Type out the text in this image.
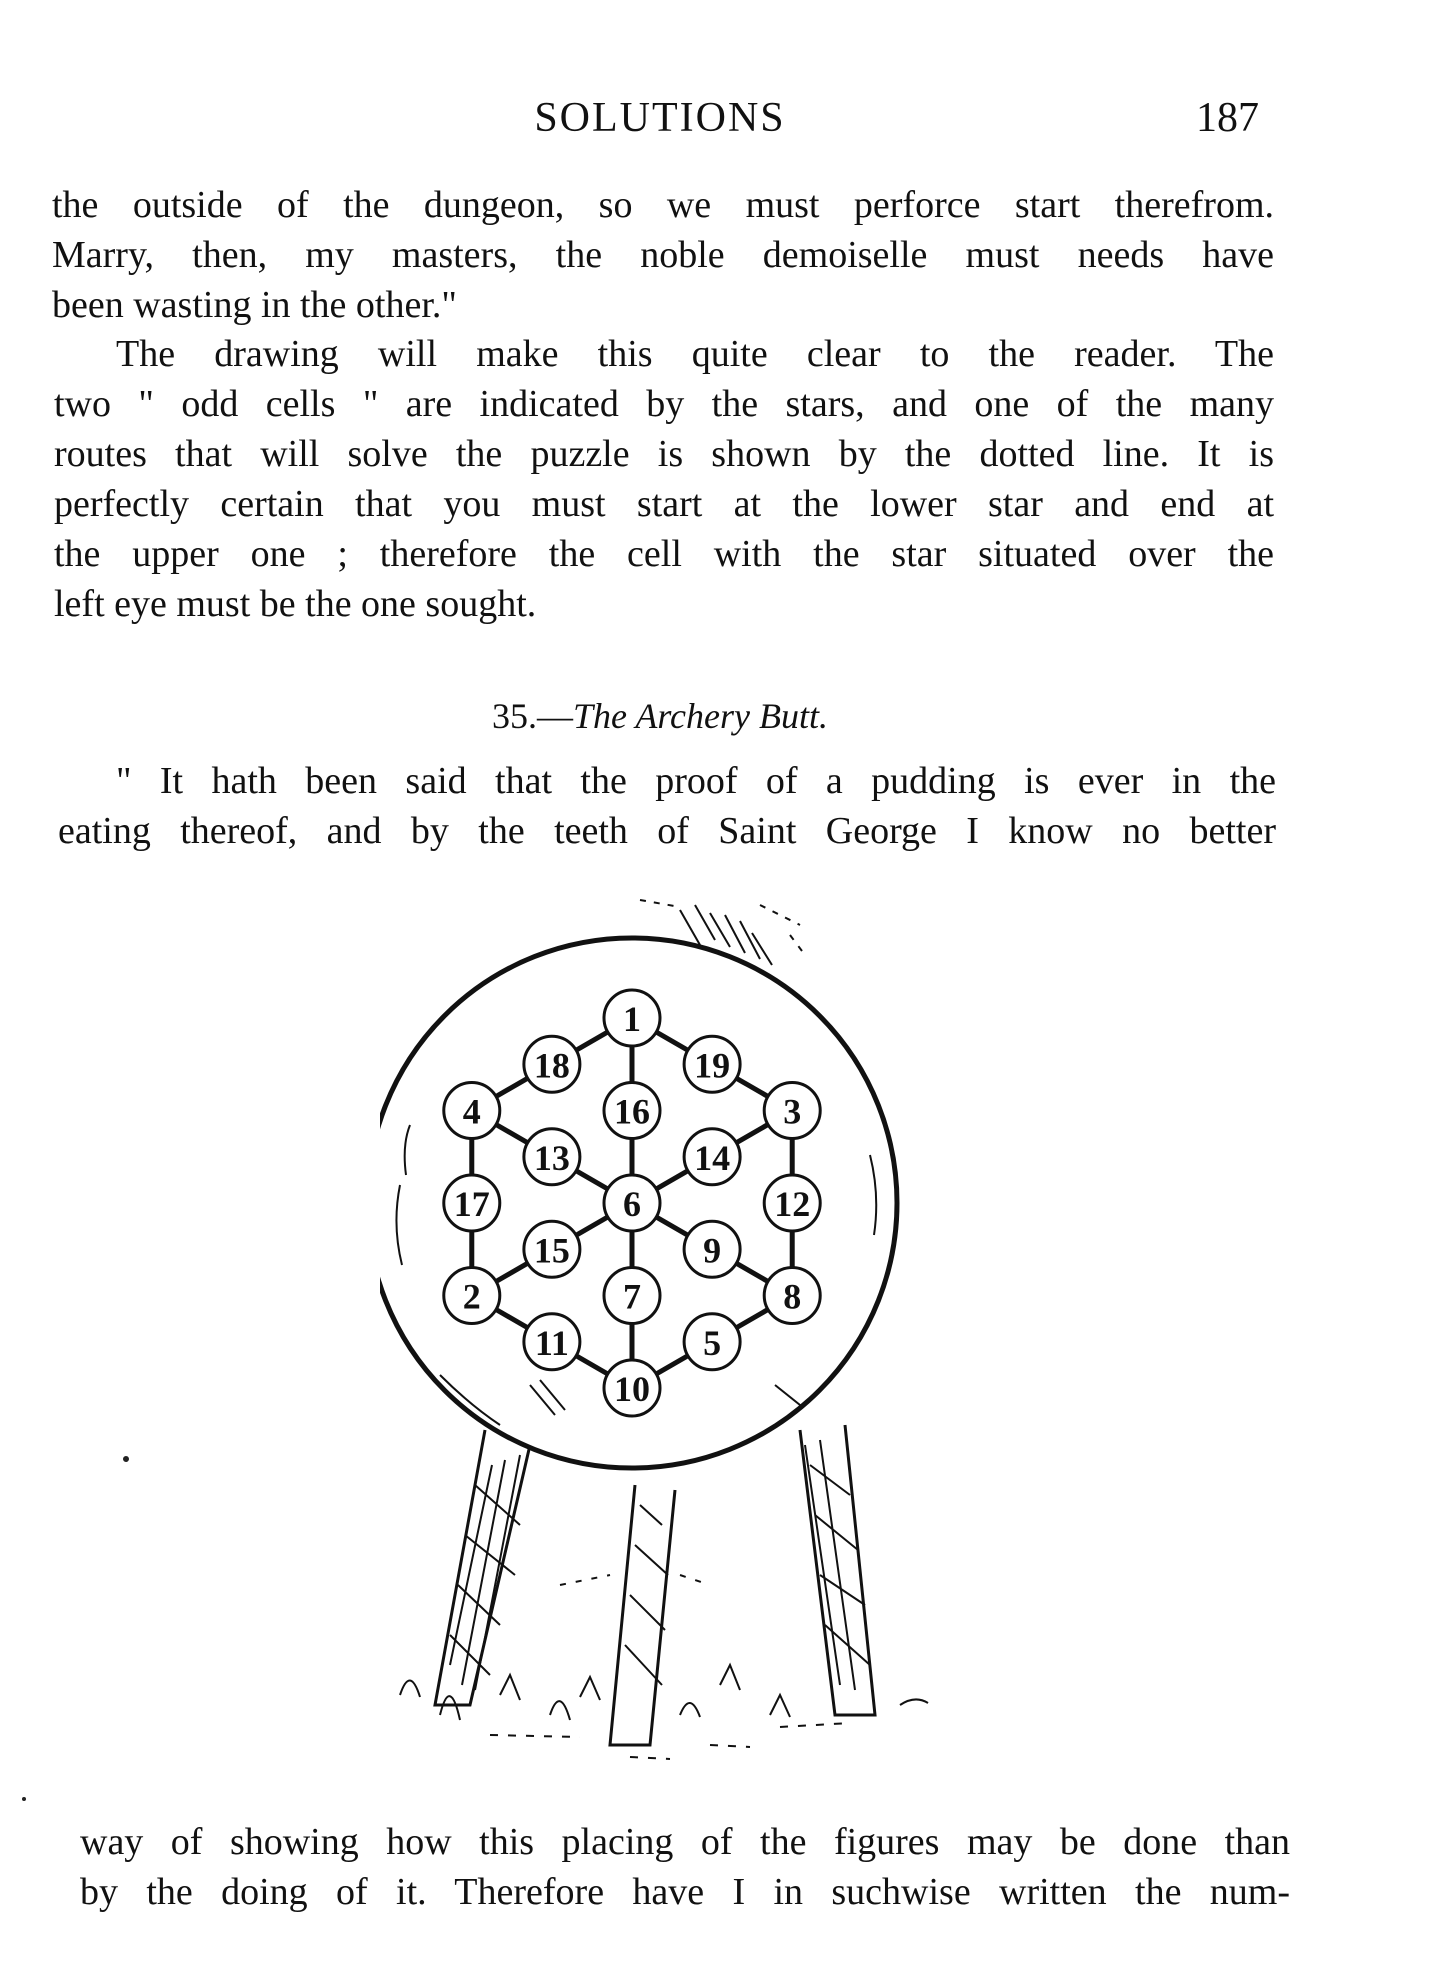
SOLUTIONS	187

the outside of the dungeon, so we must perforce start therefrom.
Marry, then, my masters, the noble demoiselle must needs have
been wasting in the other."

The drawing will make this quite clear to the reader. The
two " odd cells " are indicated by the stars, and one of the many
routes that will solve the puzzle is shown by the dotted line. It is
perfectly certain that you must start at the lower star and end at
the upper one ; therefore the cell with the star situated over the
left eye must be the one sought.

35.—The Archery Butt.

" It hath been said that the proof of a pudding is ever in the
eating thereof, and by the teeth of Saint George I know no better

6
16
14
9
7
15
13
1
19
3
12
8
5
10
11
2
17
4
18

way of showing how this placing of the figures may be done than
by the doing of it. Therefore have I in suchwise written the num-
